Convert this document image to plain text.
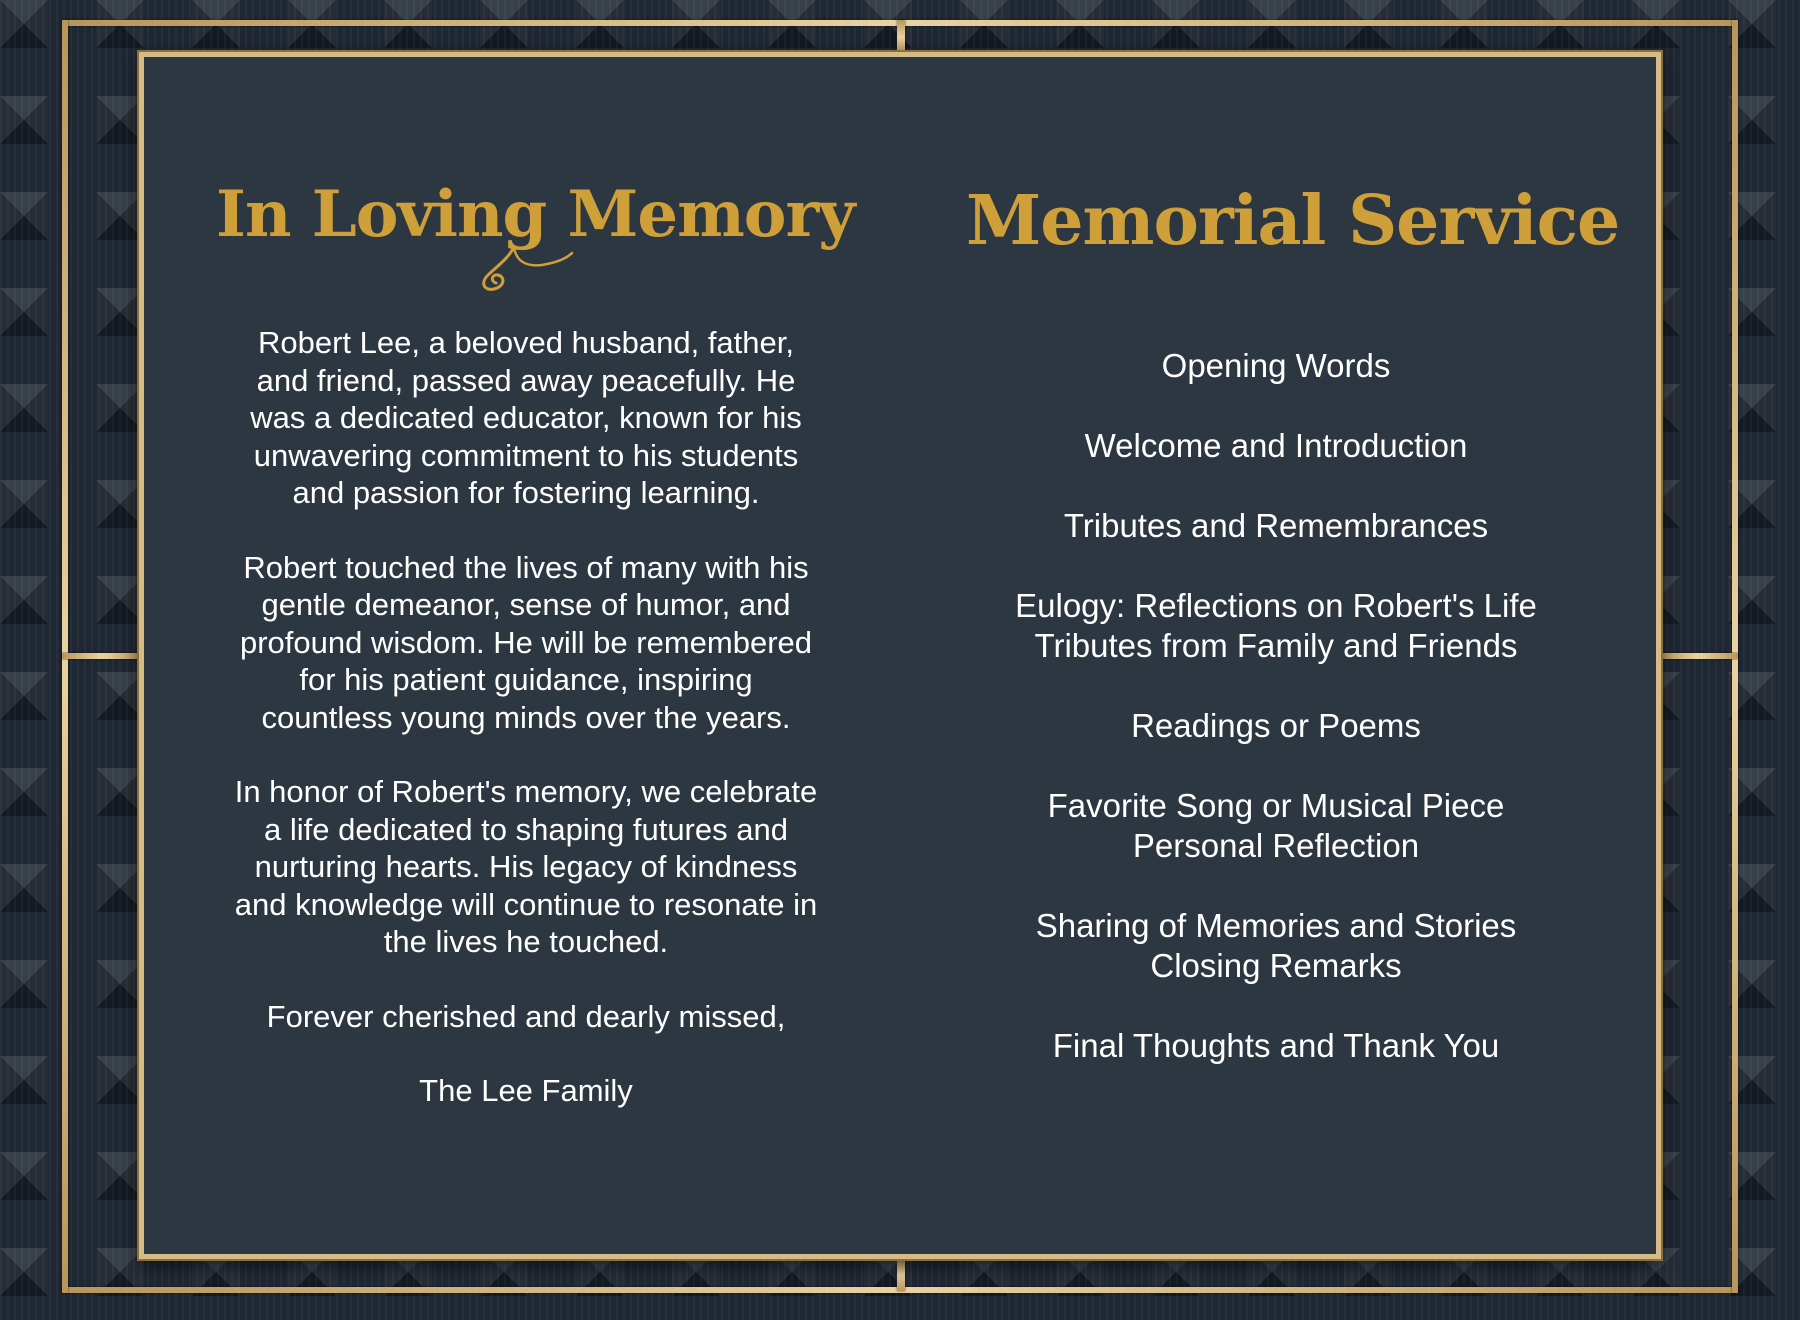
In Loving Memory

Robert Lee, a beloved husband, father, and friend, passed away peacefully. He was a dedicated educator, known for his unwavering commitment to his students and passion for fostering learning.

Robert touched the lives of many with his gentle demeanor, sense of humor, and profound wisdom. He will be remembered for his patient guidance, inspiring countless young minds over the years.

In honor of Robert's memory, we celebrate a life dedicated to shaping futures and nurturing hearts. His legacy of kindness and knowledge will continue to resonate in the lives he touched.

Forever cherished and dearly missed,

The Lee Family

Memorial Service
Opening Words
Welcome and Introduction
Tributes and Remembrances
Eulogy: Reflections on Robert's Life
Tributes from Family and Friends
Readings or Poems
Favorite Song or Musical Piece
Personal Reflection
Sharing of Memories and Stories
Closing Remarks
Final Thoughts and Thank You
